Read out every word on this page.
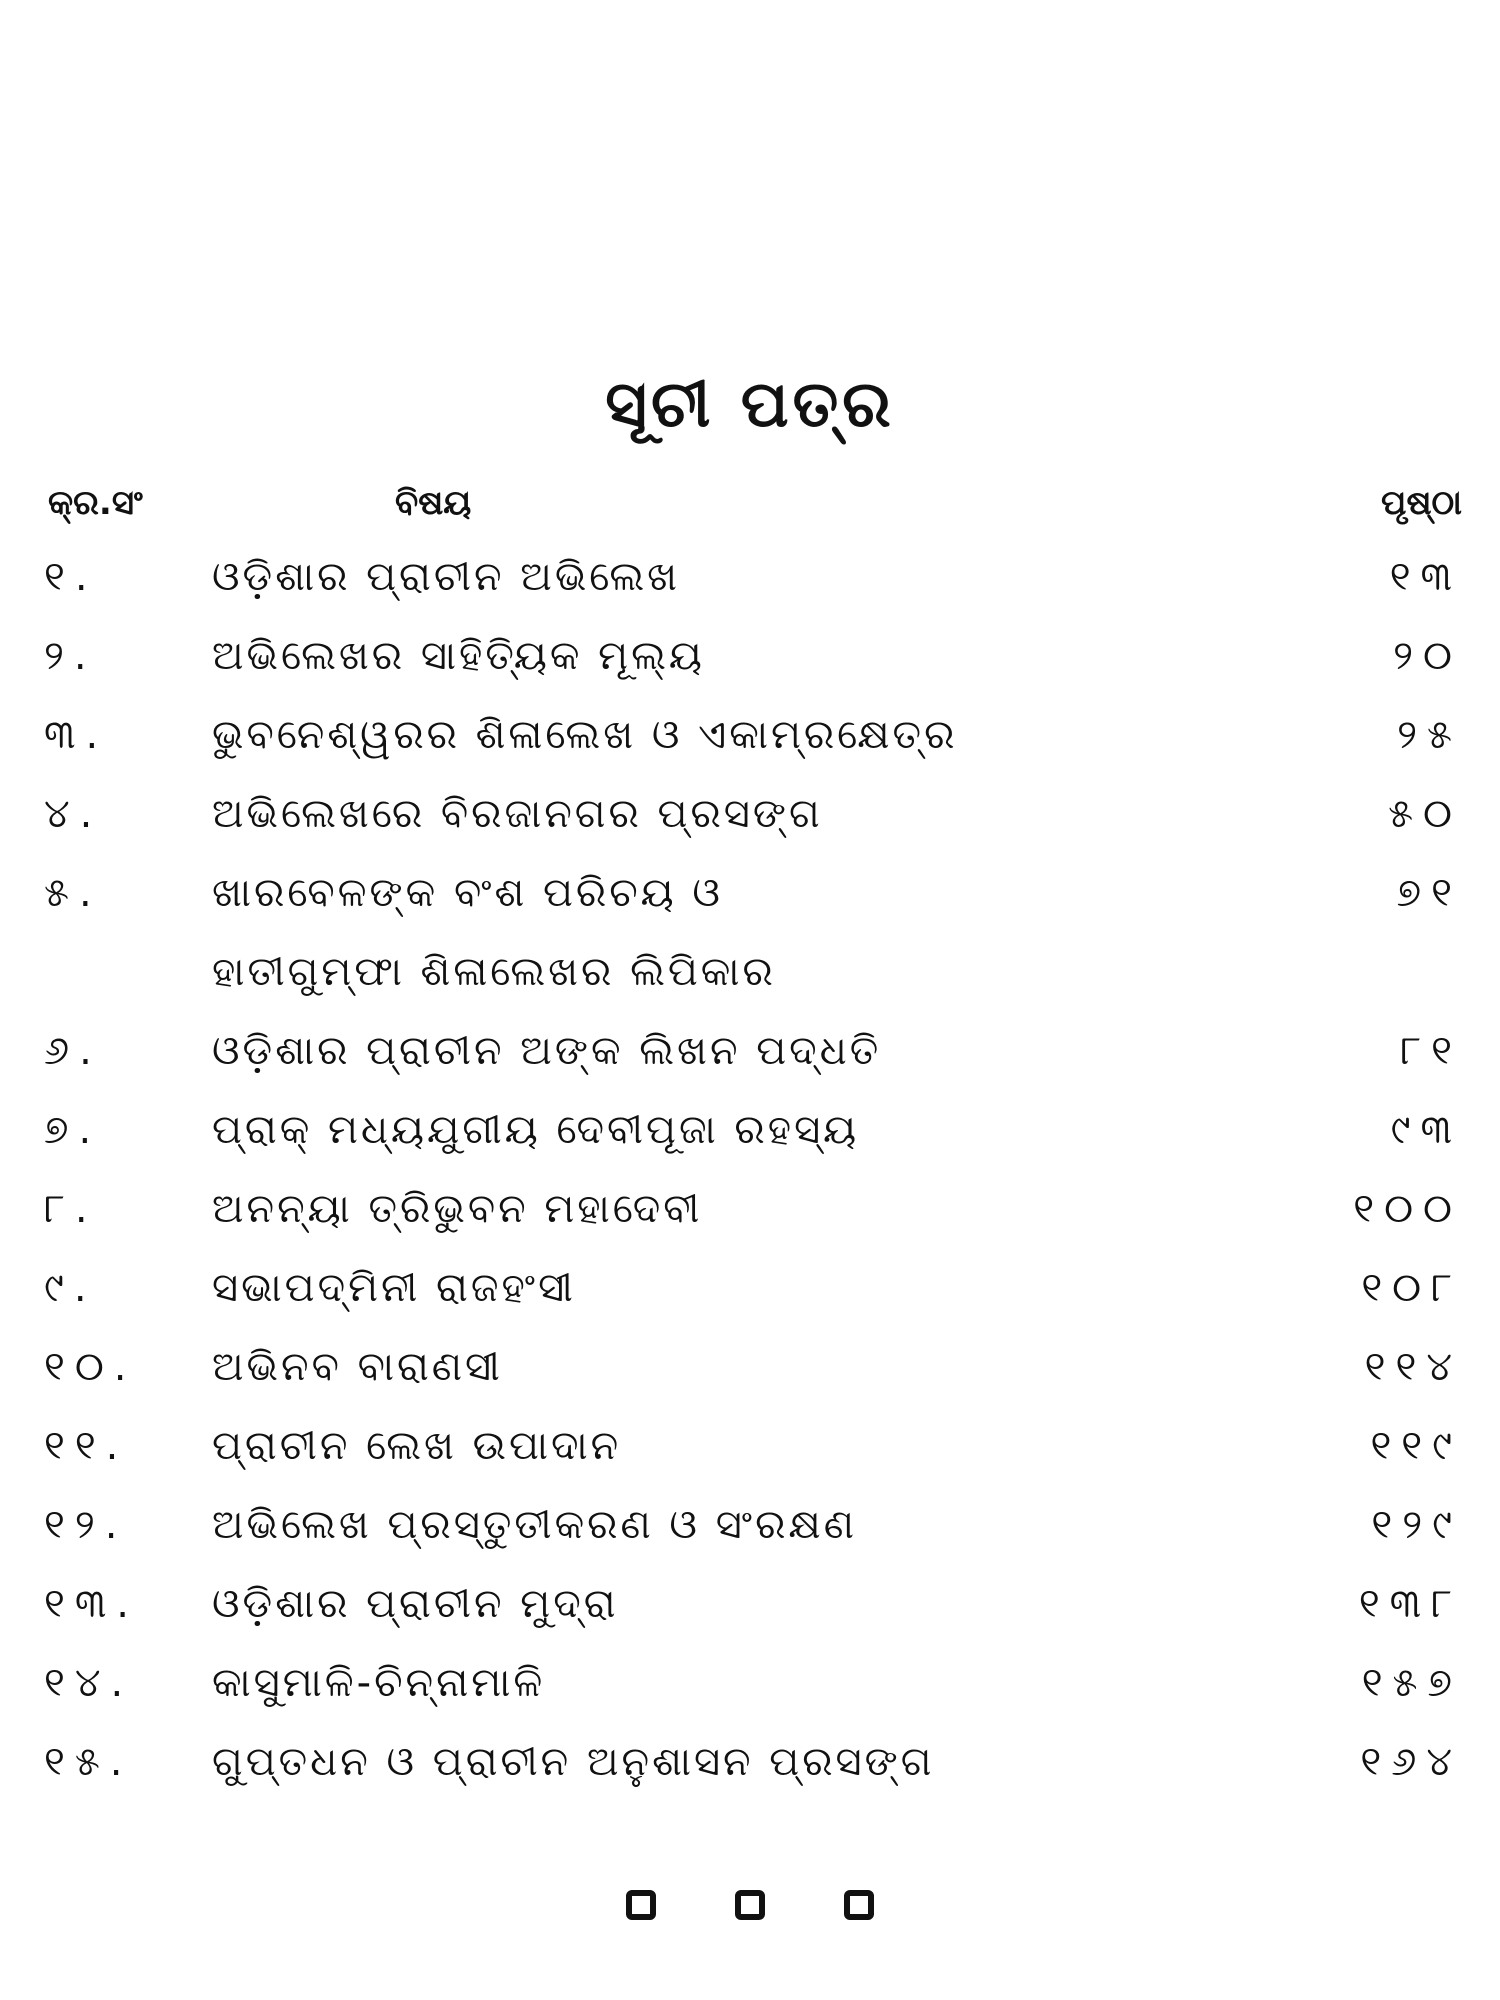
ସୂଚୀ ପତ୍ର
କ୍ର.ସଂ	ବିଷୟ	ପୃଷ୍ଠା
୧.	ଓଡ଼ିଶାର ପ୍ରାଚୀନ ଅଭିଲେଖ	୧୩
୨.	ଅଭିଲେଖର ସାହିତ୍ୟିକ ମୂଲ୍ୟ	୨୦
୩.	ଭୁବନେଶ୍ୱରର ଶିଳାଲେଖ ଓ ଏକାମ୍ରକ୍ଷେତ୍ର	୨୫
୪.	ଅଭିଲେଖରେ ବିରଜାନଗର ପ୍ରସଙ୍ଗ	୫୦
୫.	ଖାରବେଳଙ୍କ ବଂଶ ପରିଚୟ ଓ	୭୧
ହାତୀଗୁମ୍ଫା ଶିଳାଲେଖର ଲିପିକାର
୬.	ଓଡ଼ିଶାର ପ୍ରାଚୀନ ଅଙ୍କ ଲିଖନ ପଦ୍ଧତି	୮୧
୭.	ପ୍ରାକ୍ ମଧ୍ୟଯୁଗୀୟ ଦେବୀପୂଜା ରହସ୍ୟ	୯୩
୮.	ଅନନ୍ୟା ତ୍ରିଭୁବନ ମହାଦେବୀ	୧୦୦
୯.	ସଭାପଦ୍ମିନୀ ରାଜହଂସୀ	୧୦୮
୧୦. ଅଭିନବ ବାରାଣସୀ	୧୧୪
୧୧. ପ୍ରାଚୀନ ଲେଖ ଉପାଦାନ	୧୧୯
୧୨. ଅଭିଲେଖ ପ୍ରସ୍ତୁତୀକରଣ ଓ ସଂରକ୍ଷଣ	୧୨୯
୧୩. ଓଡ଼ିଶାର ପ୍ରାଚୀନ ମୁଦ୍ରା	୧୩୮
୧୪. କାସୁମାଳି-ଚିନ୍ନାମାଳି	୧୫୭
୧୫. ଗୁପ୍ତଧନ ଓ ପ୍ରାଚୀନ ଅନୁଶାସନ ପ୍ରସଙ୍ଗ	୧୬୪
